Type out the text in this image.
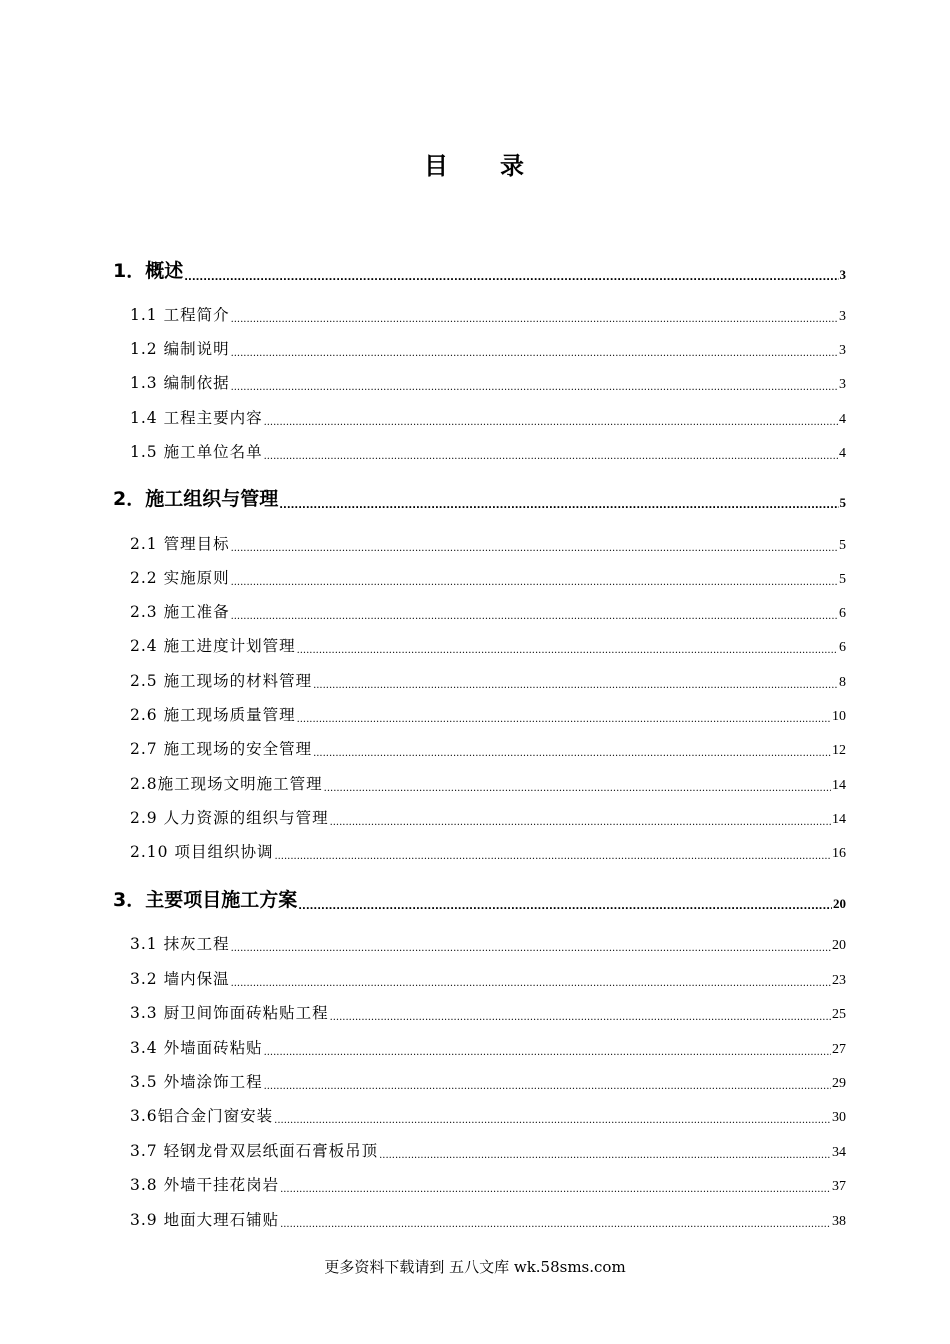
目 录
1．概述 .....	3
1.1 工程简介 .....	3
1.2 编制说明 .....	3
1.3 编制依据 .....	3
1.4 工程主要内容 .....	4
1.5 施工单位名单 .....	4
2．施工组织与管理 .....	5
2.1 管理目标 .....	5
2.2 实施原则 .....	5
2.3 施工准备 .....	6
2.4 施工进度计划管理 .....	6
2.5 施工现场的材料管理 .....	8
2.6 施工现场质量管理 .....	10
2.7 施工现场的安全管理 .....	12
2.8施工现场文明施工管理 .....	14
2.9 人力资源的组织与管理 .....	14
2.10 项目组织协调 .....	16
3．主要项目施工方案 .....	20
3.1 抹灰工程 .....	20
3.2 墙内保温 .....	23
3.3 厨卫间饰面砖粘贴工程 .....	25
3.4 外墙面砖粘贴 .....	27
3.5 外墙涂饰工程 .....	29
3.6铝合金门窗安装 .....	30
3.7 轻钢龙骨双层纸面石膏板吊顶 .....	34
3.8 外墙干挂花岗岩 .....	37
3.9 地面大理石铺贴 .....	38
更多资料下载请到 五八文库 wk.58sms.com
